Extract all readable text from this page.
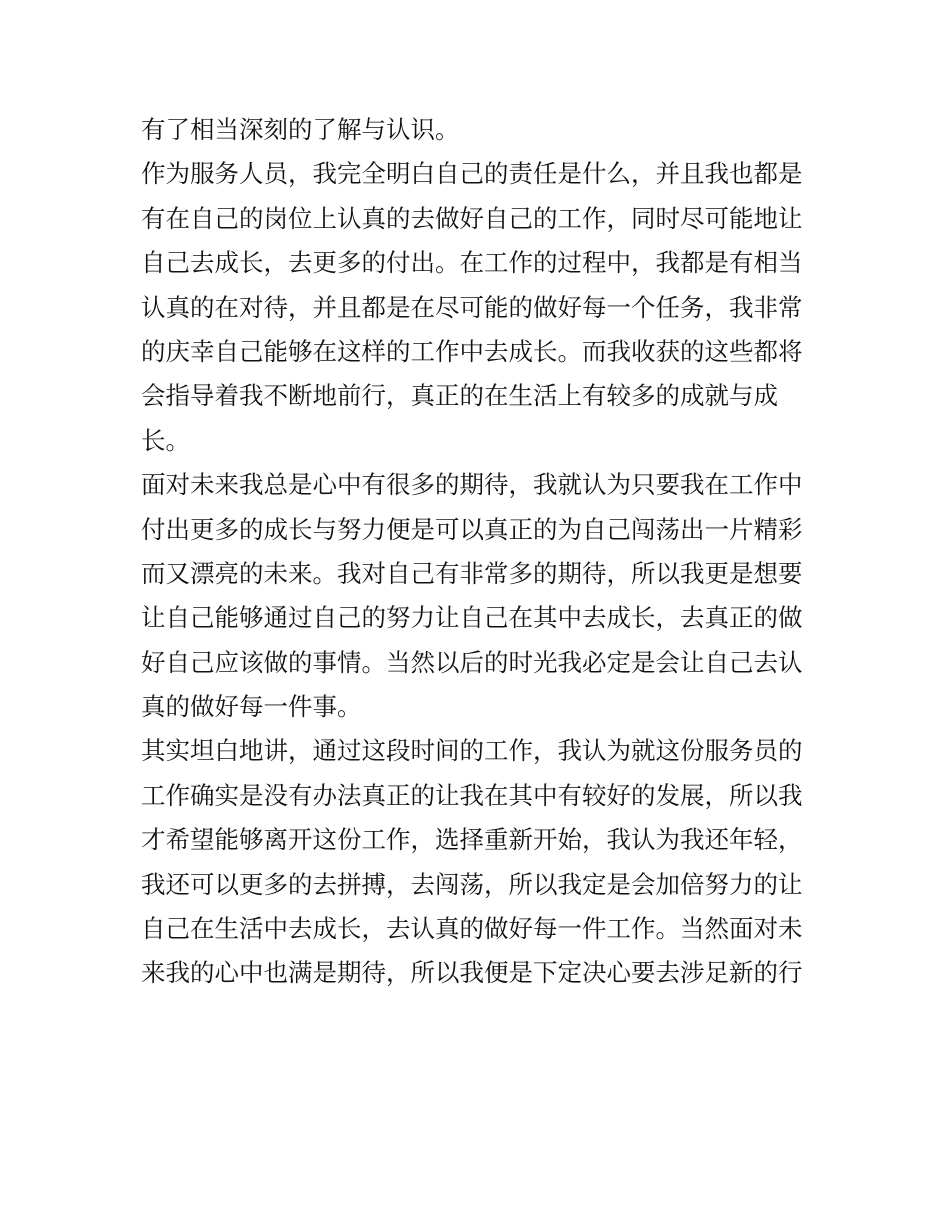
有了相当深刻的了解与认识。
作为服务人员，我完全明白自己的责任是什么，并且我也都是
有在自己的岗位上认真的去做好自己的工作，同时尽可能地让
自己去成长，去更多的付出。在工作的过程中，我都是有相当
认真的在对待，并且都是在尽可能的做好每一个任务，我非常
的庆幸自己能够在这样的工作中去成长。而我收获的这些都将
会指导着我不断地前行，真正的在生活上有较多的成就与成
长。
面对未来我总是心中有很多的期待，我就认为只要我在工作中
付出更多的成长与努力便是可以真正的为自己闯荡出一片精彩
而又漂亮的未来。我对自己有非常多的期待，所以我更是想要
让自己能够通过自己的努力让自己在其中去成长，去真正的做
好自己应该做的事情。当然以后的时光我必定是会让自己去认
真的做好每一件事。
其实坦白地讲，通过这段时间的工作，我认为就这份服务员的
工作确实是没有办法真正的让我在其中有较好的发展，所以我
才希望能够离开这份工作，选择重新开始，我认为我还年轻，
我还可以更多的去拼搏，去闯荡，所以我定是会加倍努力的让
自己在生活中去成长，去认真的做好每一件工作。当然面对未
来我的心中也满是期待，所以我便是下定决心要去涉足新的行
